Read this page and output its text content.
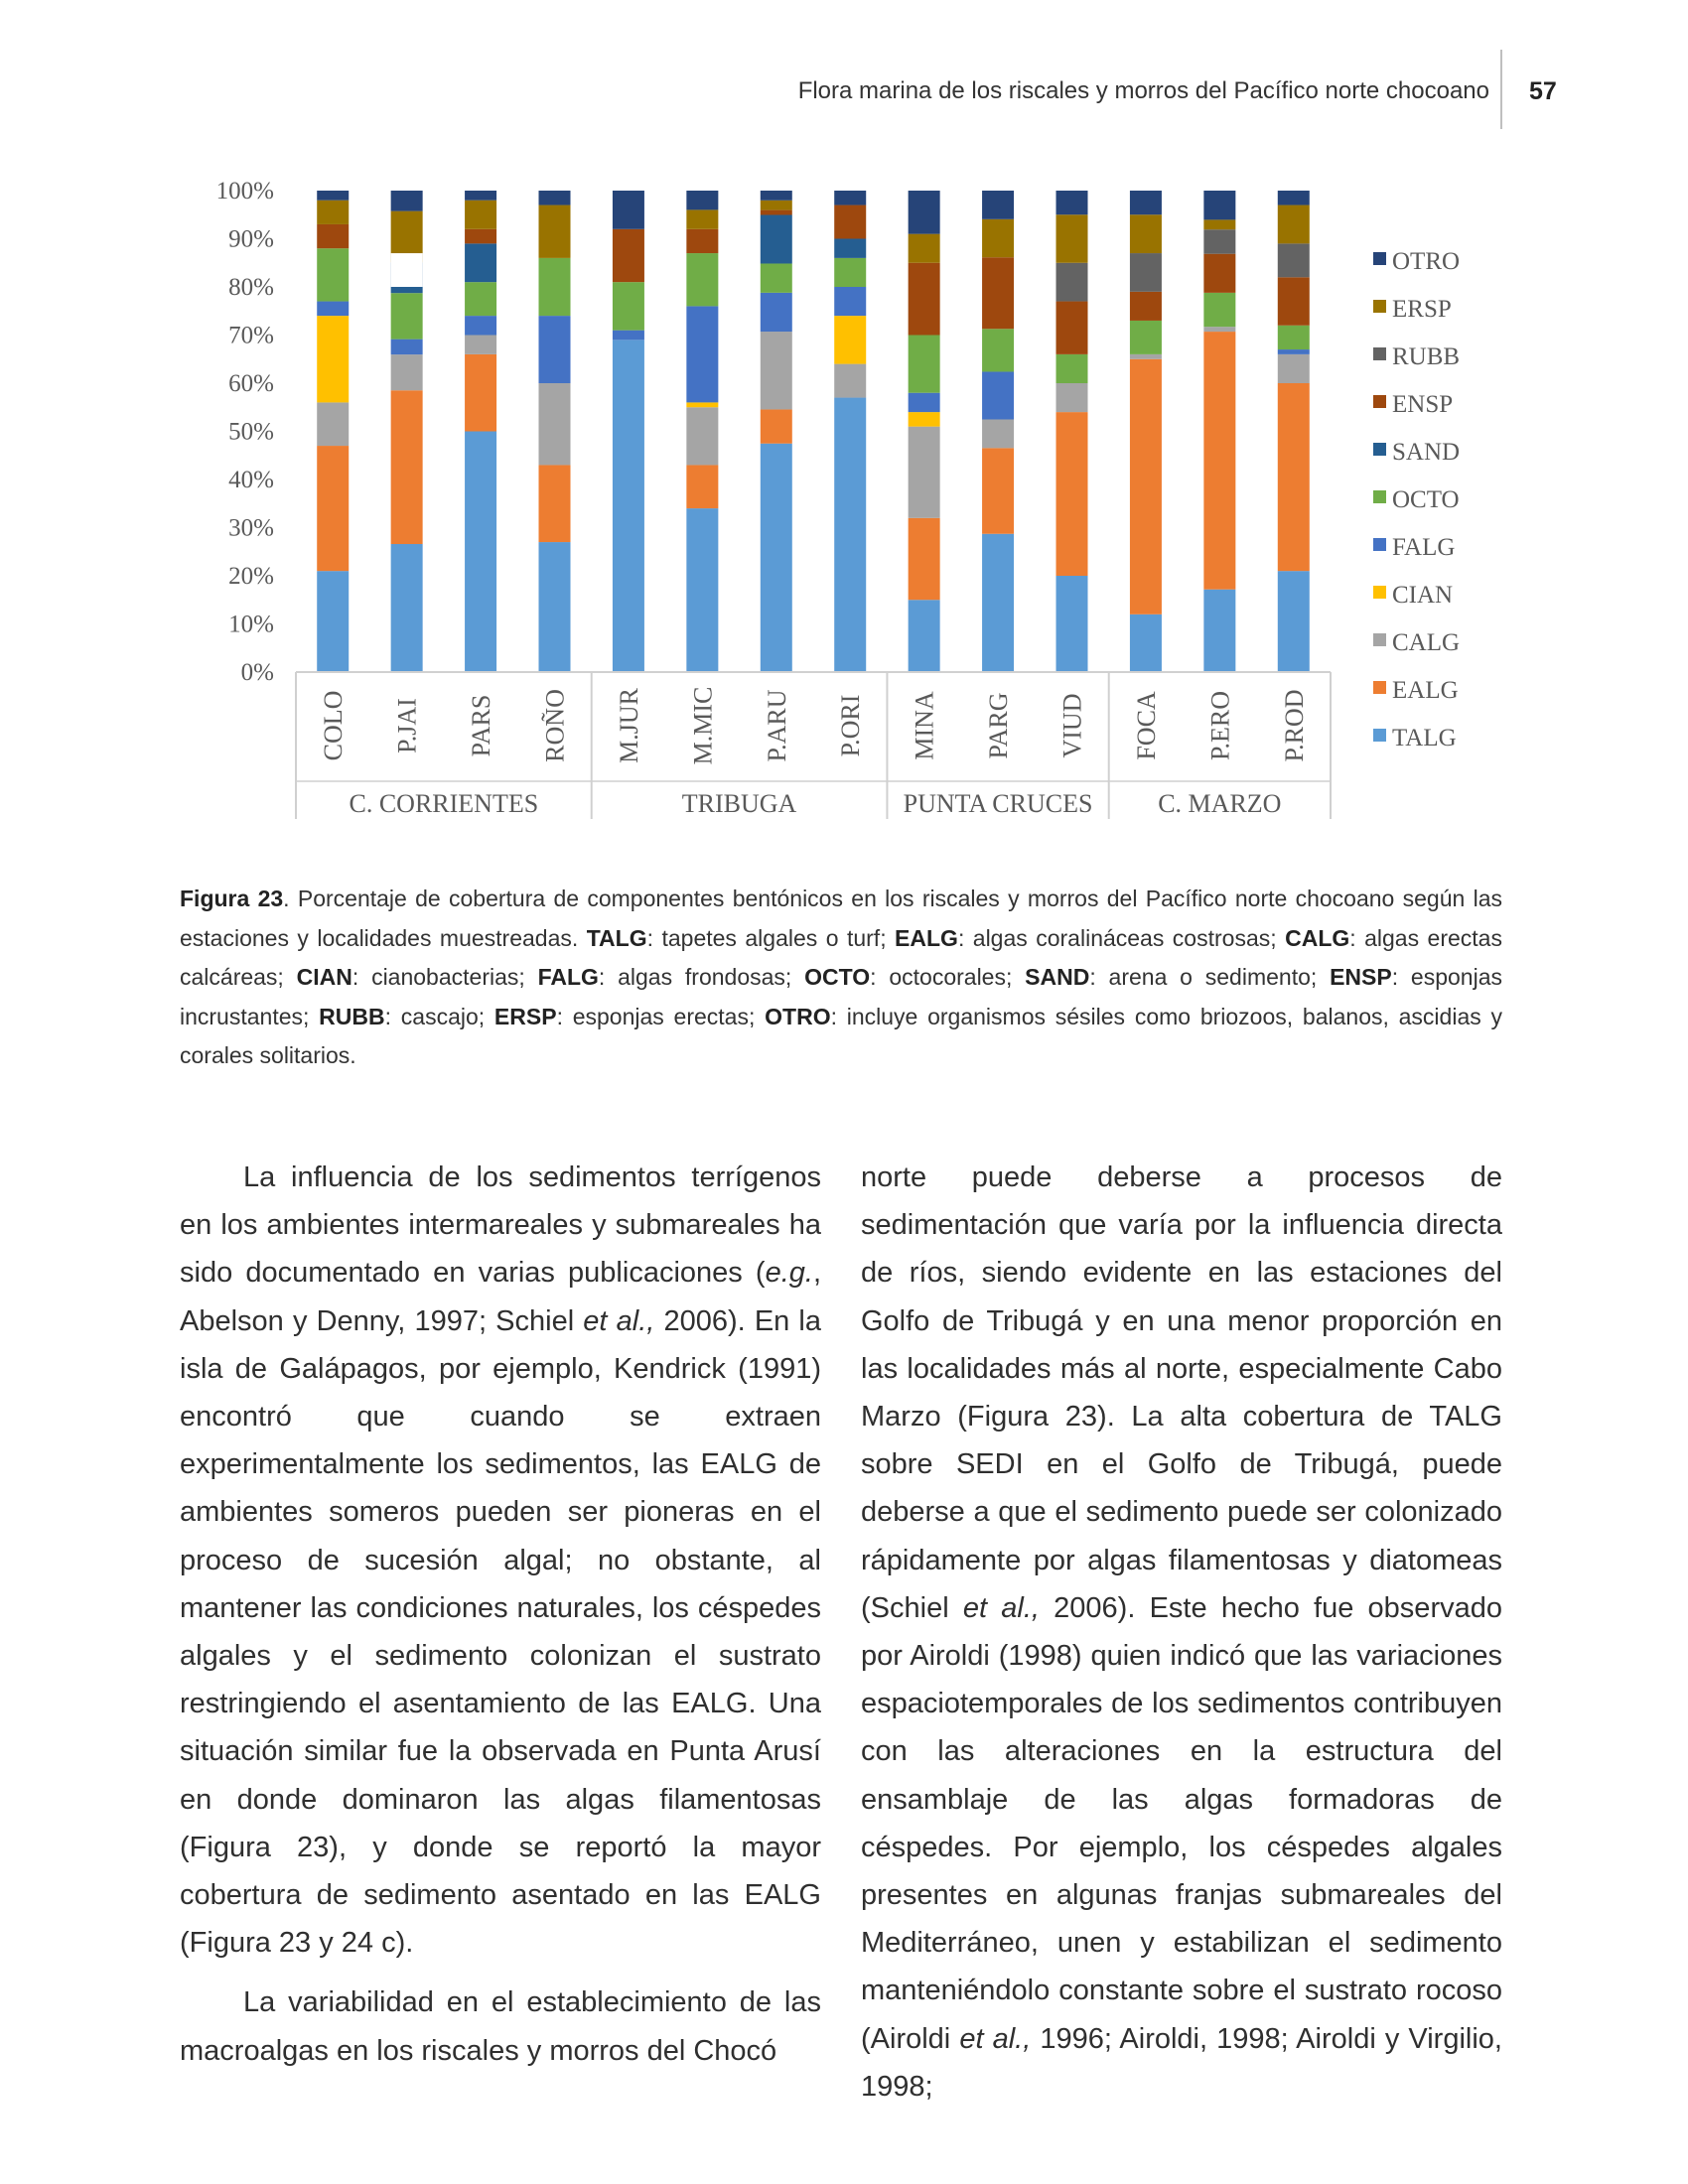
Flora marina de los riscales y morros del Pacífico norte chocoano 57
0%
10%
20%
30%
40%
50%
60%
70%
80%
90%
100%
COLO P.JAI PARS ROÑO M.JUR M.MIC P.ARU P.ORI MINA PARG VIUD FOCA P.ERO P.ROD
C. CORRIENTES	TRIBUGA	PUNTA CRUCES	C. MARZO
OTRO
ERSP
RUBB
ENSP
SAND
OCTO
FALG
CIAN
CALG
EALG
TALG
Figura 23. Porcentaje de cobertura de componentes bentónicos en los riscales y morros del Pacífico norte chocoano según las estaciones y localidades muestreadas. TALG: tapetes algales o turf; EALG: algas coralináceas costrosas; CALG: algas erectas calcáreas; CIAN: cianobacterias; FALG: algas frondosas; OCTO: octocorales; SAND: arena o sedimento; ENSP: esponjas incrustantes; RUBB: cascajo; ERSP: esponjas erectas; OTRO: incluye organismos sésiles como briozoos, balanos, ascidias y corales solitarios.

La influencia de los sedimentos terrígenos en los ambientes intermareales y submareales ha sido documentado en varias publicaciones (e.g., Abelson y Denny, 1997; Schiel et al., 2006). En la isla de Galápagos, por ejemplo, Kendrick (1991) encontró que cuando se extraen experimentalmente los sedimentos, las EALG de ambientes someros pueden ser pioneras en el proceso de sucesión algal; no obstante, al mantener las condiciones naturales, los céspedes algales y el sedimento colonizan el sustrato restringiendo el asentamiento de las EALG. Una situación similar fue la observada en Punta Arusí en donde dominaron las algas filamentosas (Figura 23), y donde se reportó la mayor cobertura de sedimento asentado en las EALG (Figura 23 y 24 c).

La variabilidad en el establecimiento de las macroalgas en los riscales y morros del Chocó

norte puede deberse a procesos de sedimentación que varía por la influencia directa de ríos, siendo evidente en las estaciones del Golfo de Tribugá y en una menor proporción en las localidades más al norte, especialmente Cabo Marzo (Figura 23). La alta cobertura de TALG sobre SEDI en el Golfo de Tribugá, puede deberse a que el sedimento puede ser colonizado rápidamente por algas filamentosas y diatomeas (Schiel et al., 2006). Este hecho fue observado por Airoldi (1998) quien indicó que las variaciones espaciotemporales de los sedimentos contribuyen con las alteraciones en la estructura del ensamblaje de las algas formadoras de céspedes. Por ejemplo, los céspedes algales presentes en algunas franjas submareales del Mediterráneo, unen y estabilizan el sedimento manteniéndolo constante sobre el sustrato rocoso (Airoldi et al., 1996; Airoldi, 1998; Airoldi y Virgilio, 1998;
